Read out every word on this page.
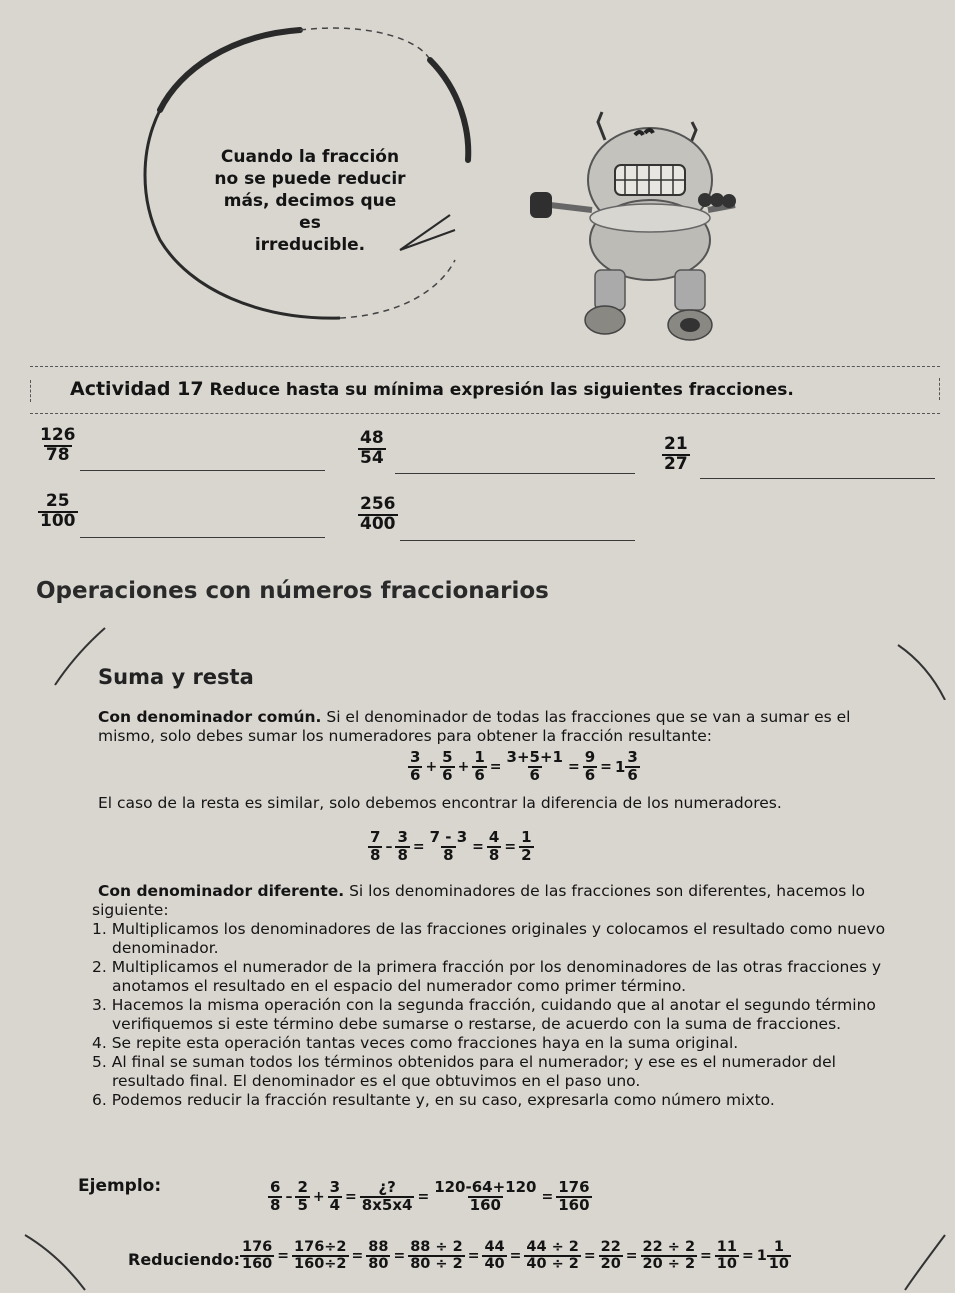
Cuando la fracción
no se puede reducir
más, decimos que es
irreducible.
Actividad 17 Reduce hasta su mínima expresión las siguientes fracciones.
$\frac{126}{78}$	$\frac{48}{54}$	$\frac{21}{27}$
$\frac{25}{100}$	$\frac{256}{400}$
Operaciones con números fraccionarios
Suma y resta
Con denominador común. Si el denominador de todas las fracciones que se van a sumar es el
mismo, solo debes sumar los numeradores para obtener la fracción resultante:
$\frac{3}{6} + \frac{5}{6} + \frac{1}{6} = \frac{3+5+1}{6} = \frac{9}{6} = 1 \frac{3}{6}$
El caso de la resta es similar, solo debemos encontrar la diferencia de los numeradores.
$\frac{7}{8} - \frac{3}{8} = \frac{7 - 3}{8} = \frac{4}{8} = \frac{1}{2}$
Con denominador diferente. Si los denominadores de las fracciones son diferentes, hacemos lo
siguiente:
1. Multiplicamos los denominadores de las fracciones originales y colocamos el resultado como nuevo denominador.
2. Multiplicamos el numerador de la primera fracción por los denominadores de las otras fracciones y anotamos el resultado en el espacio del numerador como primer término.
3. Hacemos la misma operación con la segunda fracción, cuidando que al anotar el segundo término verifiquemos si este término debe sumarse o restarse, de acuerdo con la suma de fracciones.
4. Se repite esta operación tantas veces como fracciones haya en la suma original.
5. Al final se suman todos los términos obtenidos para el numerador; y ese es el numerador del resultado final. El denominador es el que obtuvimos en el paso uno.
6. Podemos reducir la fracción resultante y, en su caso, expresarla como número mixto.
Ejemplo:	$\frac{6}{8} - \frac{2}{5} + \frac{3}{4} = \frac{¿?}{8x5x4} = \frac{120-64+120}{160} = \frac{176}{160}$
Reduciendo: $\frac{176}{160} = \frac{176\div 2}{160\div 2} = \frac{88}{80} = \frac{88 \div 2}{80 \div 2} = \frac{44}{40} = \frac{44 \div 2}{40 \div 2} = \frac{22}{20} = \frac{22 \div 2}{20 \div 2} = \frac{11}{10} = 1 \frac{1}{10}$
